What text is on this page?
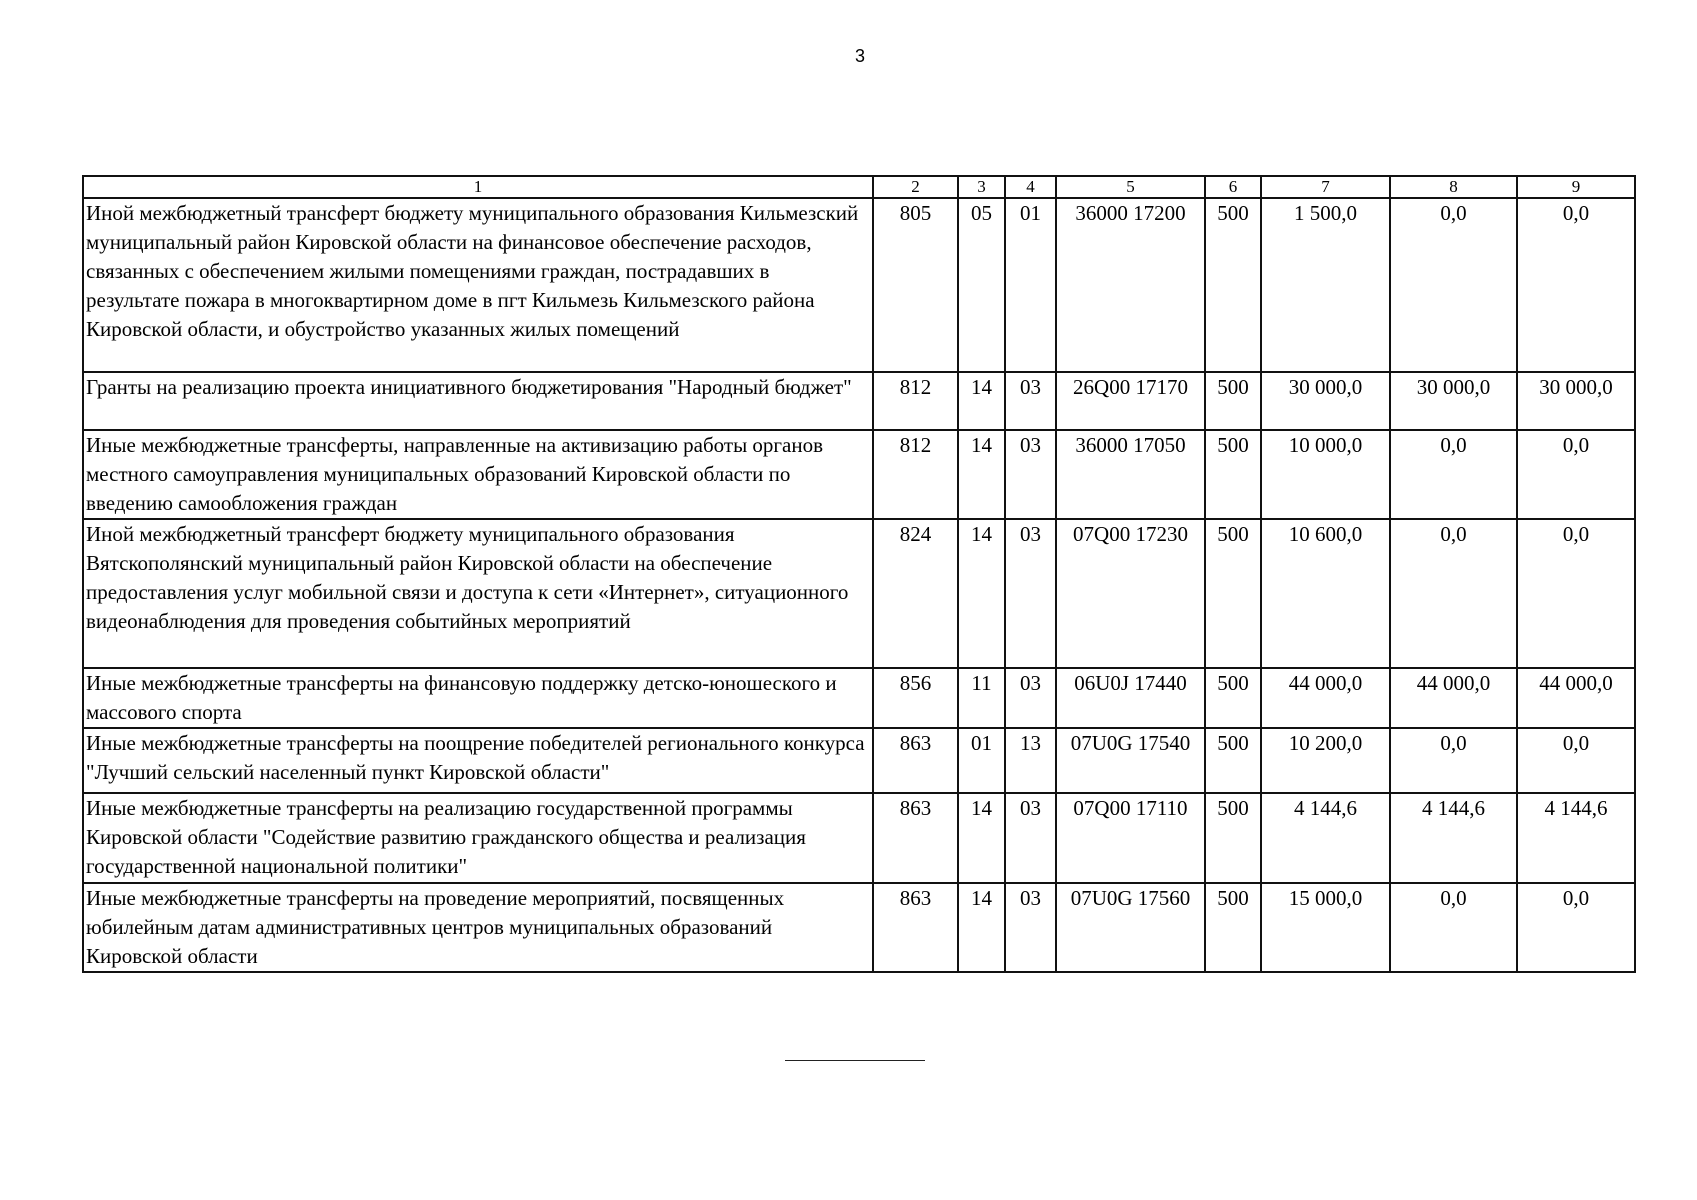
3
1	2	3	4	5	6	7	8	9
Иной межбюджетный трансферт бюджету муниципального образования Кильмезский муниципальный район Кировской области на финансовое обеспечение расходов, связанных с обеспечением жилыми помещениями граждан, пострадавших в результате пожара в многоквартирном доме в пгт Кильмезь Кильмезского района Кировской области, и обустройство указанных жилых помещений	805	05	01	36000 17200	500	1 500,0	0,0	0,0
Гранты на реализацию проекта инициативного бюджетирования "Народный бюджет"	812	14	03	26Q00 17170	500	30 000,0	30 000,0	30 000,0
Иные межбюджетные трансферты, направленные на активизацию работы органов местного самоуправления муниципальных образований Кировской области по введению самообложения граждан	812	14	03	36000 17050	500	10 000,0	0,0	0,0
Иной межбюджетный трансферт бюджету муниципального образования Вятскополянский муниципальный район Кировской области на обеспечение предоставления услуг мобильной связи и доступа к сети «Интернет», ситуационного видеонаблюдения для проведения событийных мероприятий	824	14	03	07Q00 17230	500	10 600,0	0,0	0,0
Иные межбюджетные трансферты на финансовую поддержку детско-юношеского и массового спорта	856	11	03	06U0J 17440	500	44 000,0	44 000,0	44 000,0
Иные межбюджетные трансферты на поощрение победителей регионального конкурса "Лучший сельский населенный пункт Кировской области"	863	01	13	07U0G 17540	500	10 200,0	0,0	0,0
Иные межбюджетные трансферты на реализацию государственной программы Кировской области "Содействие развитию гражданского общества и реализация государственной национальной политики"	863	14	03	07Q00 17110	500	4 144,6	4 144,6	4 144,6
Иные межбюджетные трансферты на проведение мероприятий, посвященных юбилейным датам административных центров муниципальных образований Кировской области	863	14	03	07U0G 17560	500	15 000,0	0,0	0,0
